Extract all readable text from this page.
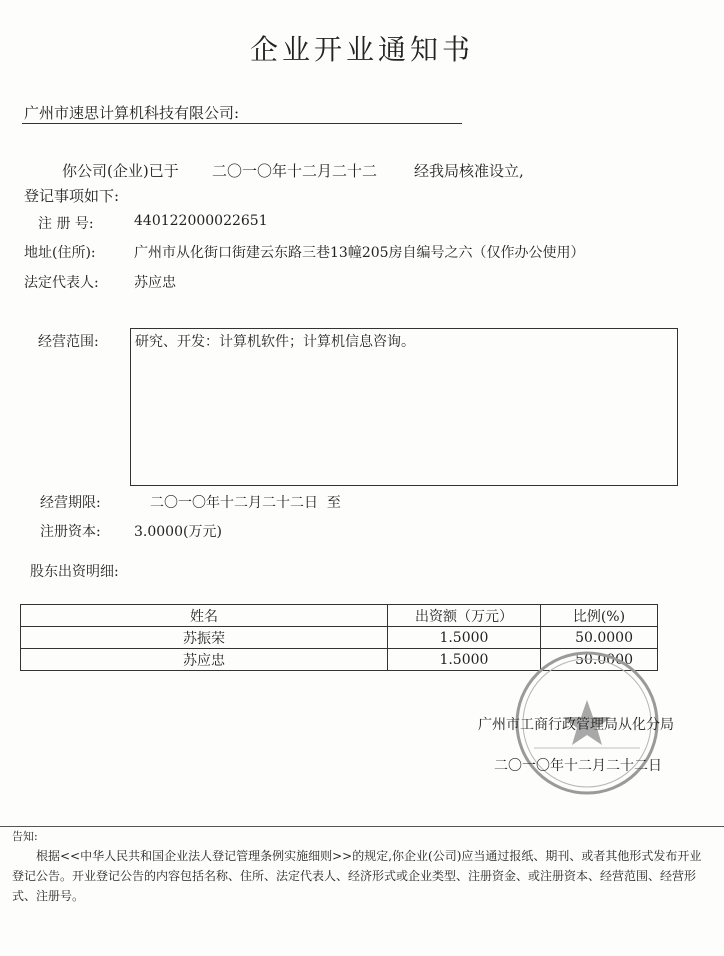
企业开业通知书
广州市速思计算机科技有限公司:
你公司(企业)已于 二〇一〇年十二月二十二 经我局核准设立,
登记事项如下:
注 册 号:	440122000022651
地址(住所):	广州市从化街口街建云东路三巷13幢205房自编号之六（仅作办公使用）
法定代表人:	苏应忠
经营范围:	研究、开发：计算机软件；计算机信息咨询。
经营期限:	二〇一〇年十二月二十二日  至
注册资本: 3.0000(万元)
股东出资明细:
姓名	出资额（万元）	比例(%)
苏振荣	1.5000	50.0000
苏应忠	1.5000	50.0000
广州市工商行政管理局从化分局
二〇一〇年十二月二十二日
告知:
根据<<中华人民共和国企业法人登记管理条例实施细则>>的规定,你企业(公司)应当通过报纸、期刊、或者其他形式发布开业登记公告。开业登记公告的内容包括名称、住所、法定代表人、经济形式或企业类型、注册资金、或注册资本、经营范围、经营形式、注册号。
